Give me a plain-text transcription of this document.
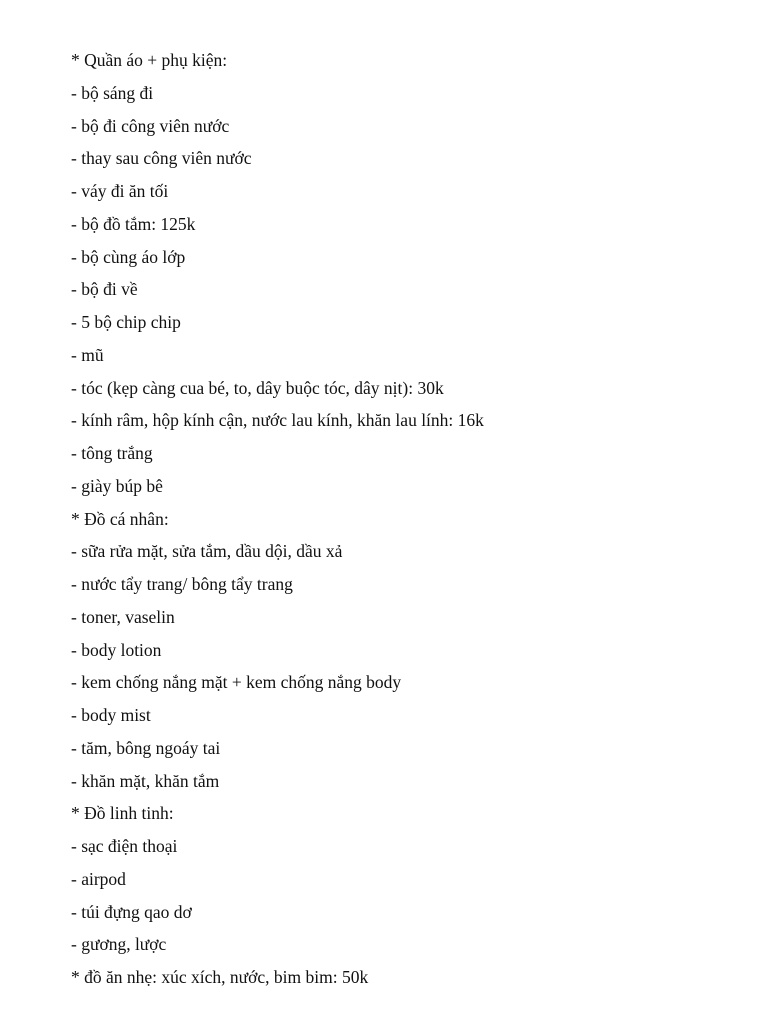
* Quần áo + phụ kiện:
- bộ sáng đi
- bộ đi công viên nước
- thay sau công viên nước
- váy đi ăn tối
- bộ đồ tắm: 125k
- bộ cùng áo lớp
- bộ đi về
- 5 bộ chip chip
- mũ
- tóc (kẹp càng cua bé, to, dây buộc tóc, dây nịt): 30k
- kính râm, hộp kính cận, nước lau kính, khăn lau lính: 16k
- tông trắng
- giày búp bê
* Đồ cá nhân:
- sữa rửa mặt, sửa tắm, dầu dội, dầu xả
- nước tẩy trang/ bông tẩy trang
- toner, vaselin
- body lotion
- kem chống nắng mặt + kem chống nắng body
- body mist
- tăm, bông ngoáy tai
- khăn mặt, khăn tắm
* Đồ linh tinh:
- sạc điện thoại
- airpod
- túi đựng qao dơ
- gương, lược
* đồ ăn nhẹ: xúc xích, nước, bim bim: 50k
